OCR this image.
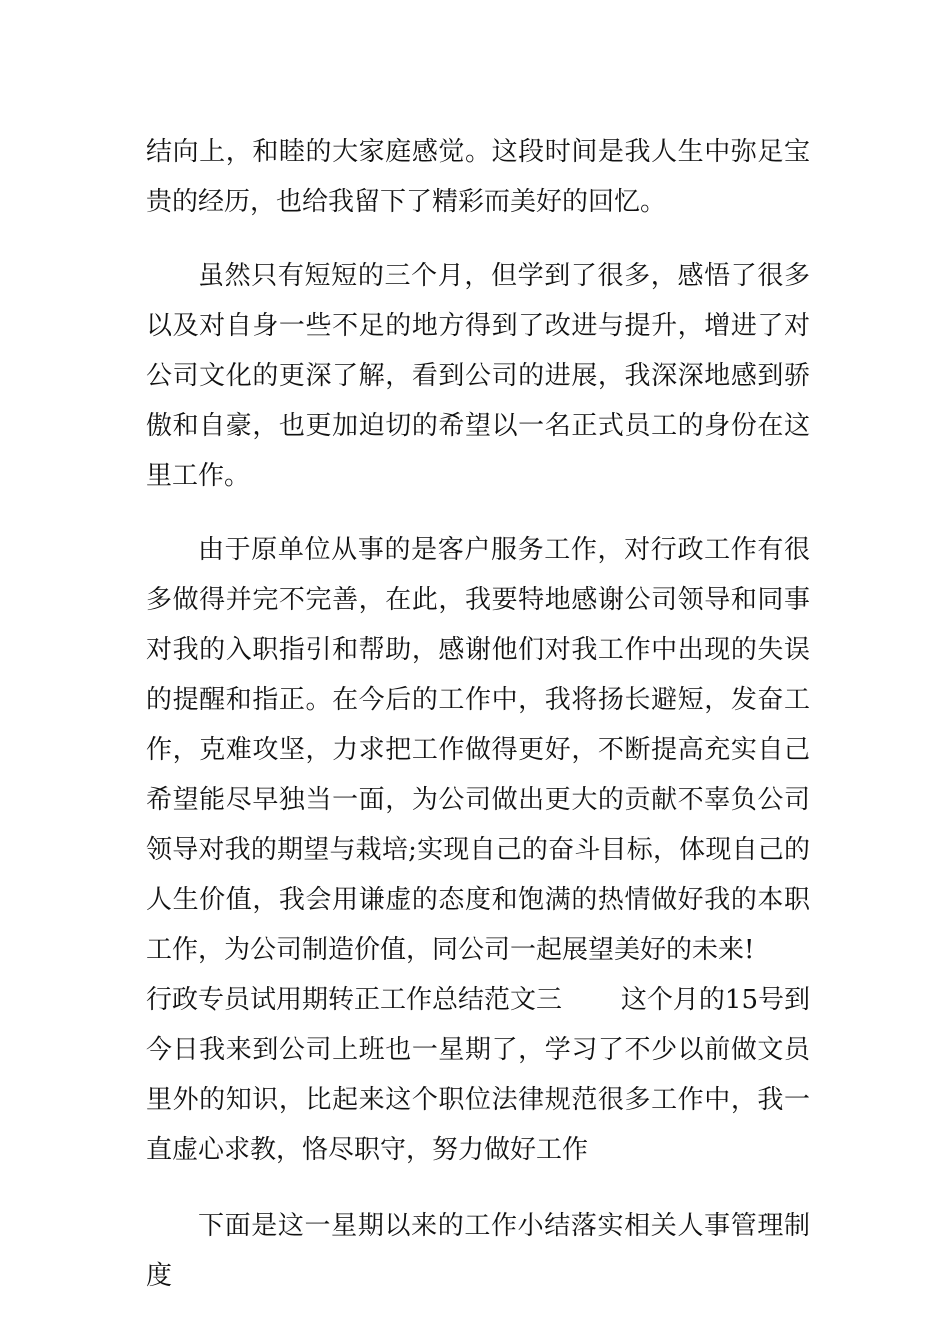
结向上，和睦的大家庭感觉。这段时间是我人生中弥足宝
贵的经历，也给我留下了精彩而美好的回忆。
虽然只有短短的三个月，但学到了很多，感悟了很多
以及对自身一些不足的地方得到了改进与提升，增进了对
公司文化的更深了解，看到公司的进展，我深深地感到骄
傲和自豪，也更加迫切的希望以一名正式员工的身份在这
里工作。
由于原单位从事的是客户服务工作，对行政工作有很
多做得并完不完善，在此，我要特地感谢公司领导和同事
对我的入职指引和帮助，感谢他们对我工作中出现的失误
的提醒和指正。在今后的工作中，我将扬长避短，发奋工
作，克难攻坚，力求把工作做得更好，不断提高充实自己
希望能尽早独当一面，为公司做出更大的贡献不辜负公司
领导对我的期望与栽培;实现自己的奋斗目标，体现自己的
人生价值，我会用谦虚的态度和饱满的热情做好我的本职
工作，为公司制造价值，同公司一起展望美好的未来!
行政专员试用期转正工作总结范文三 这个月的15号到
今日我来到公司上班也一星期了，学习了不少以前做文员
里外的知识，比起来这个职位法律规范很多工作中，我一
直虚心求教，恪尽职守，努力做好工作
下面是这一星期以来的工作小结落实相关人事管理制
度
